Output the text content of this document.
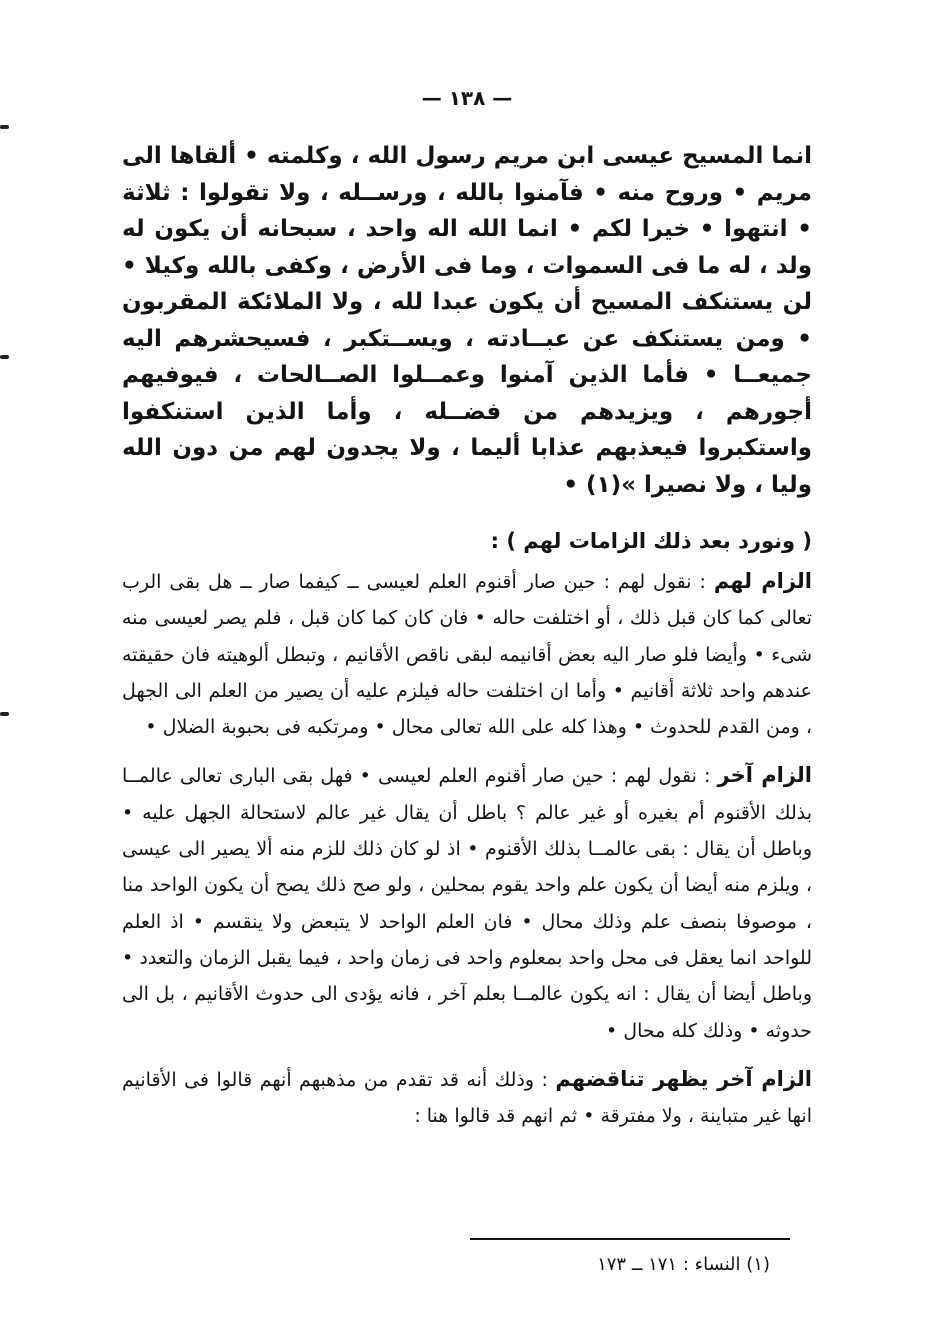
— ١٣٨ —
انما المسيح عيسى ابن مريم رسول الله ، وكلمته • ألقاها الى مريم • وروح منه • فآمنوا بالله ، ورســله ، ولا تقولوا : ثلاثة • انتهوا • خيرا لكم • انما الله اله واحد ، سبحانه أن يكون له ولد ، له ما فى السموات ، وما فى الأرض ، وكفى بالله وكيلا • لن يستنكف المسيح أن يكون عبدا لله ، ولا الملائكة المقربون • ومن يستنكف عن عبــادته ، ويســتكبر ، فسيحشرهم اليه جميعــا • فأما الذين آمنوا وعمــلوا الصــالحات ، فيوفيهم أجورهم ، ويزيدهم من فضــله ، وأما الذين استنكفوا واستكبروا فيعذبهم عذابا أليما ، ولا يجدون لهم من دون الله وليا ، ولا نصيرا »(١) •
( ونورد بعد ذلك الزامات لهم ) :
الزام لهم : نقول لهم : حين صار أقنوم العلم لعيسى ــ كيفما صار ــ هل بقى الرب تعالى كما كان قبل ذلك ، أو اختلفت حاله • فان كان كما كان قبل ، فلم يصر لعيسى منه شىء • وأيضا فلو صار اليه بعض أقانيمه لبقى ناقص الأقانيم ، وتبطل ألوهيته فان حقيقته عندهم واحد ثلاثة أقانيم • وأما ان اختلفت حاله فيلزم عليه أن يصير من العلم الى الجهل ، ومن القدم للحدوث • وهذا كله على الله تعالى محال • ومرتكبه فى بحبوبة الضلال •
الزام آخر : نقول لهم : حين صار أقنوم العلم لعيسى • فهل بقى البارى تعالى عالمــا بذلك الأقنوم أم بغيره أو غير عالم ؟ باطل أن يقال غير عالم لاستحالة الجهل عليه • وباطل أن يقال : بقى عالمــا بذلك الأقنوم • اذ لو كان ذلك للزم منه ألا يصير الى عيسى ، ويلزم منه أيضا أن يكون علم واحد يقوم بمحلين ، ولو صح ذلك يصح أن يكون الواحد منا ، موصوفا بنصف علم وذلك محال • فان العلم الواحد لا يتبعض ولا ينقسم • اذ العلم للواحد انما يعقل فى محل واحد بمعلوم واحد فى زمان واحد ، فيما يقبل الزمان والتعدد • وباطل أيضا أن يقال : انه يكون عالمــا بعلم آخر ، فانه يؤدى الى حدوث الأقانيم ، بل الى حدوثه • وذلك كله محال •
الزام آخر يظهر تناقضهم : وذلك أنه قد تقدم من مذهبهم أنهم قالوا فى الأقانيم انها غير متباينة ، ولا مفترقة • ثم انهم قد قالوا هنا :
(١) النساء : ١٧١ ــ ١٧٣
